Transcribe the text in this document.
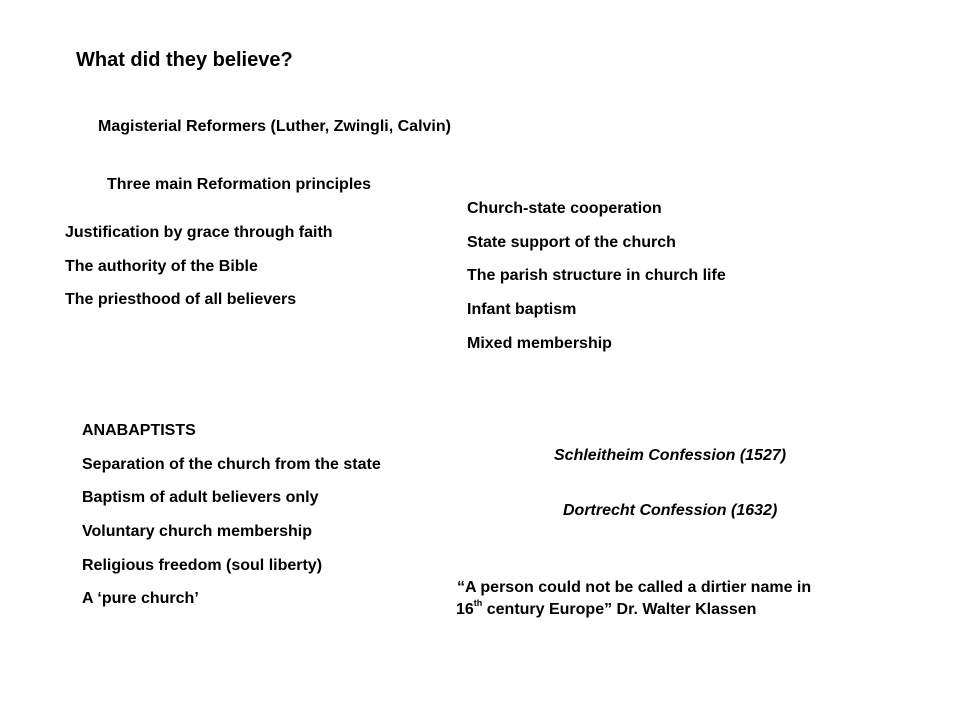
What did they believe?
Magisterial Reformers (Luther, Zwingli, Calvin)
Three main Reformation principles
Justification by grace through faith
The authority of the Bible
The priesthood of all believers
Church-state cooperation
State support of the church
The parish structure in church life
Infant baptism
Mixed membership
ANABAPTISTS
Separation of the church from the state
Baptism of adult believers only
Voluntary church membership
Religious freedom (soul liberty)
A ‘pure church’
Schleitheim Confession (1527)
Dortrecht Confession (1632)
“A person could not be called a dirtier name in
16th century Europe” Dr. Walter Klassen
